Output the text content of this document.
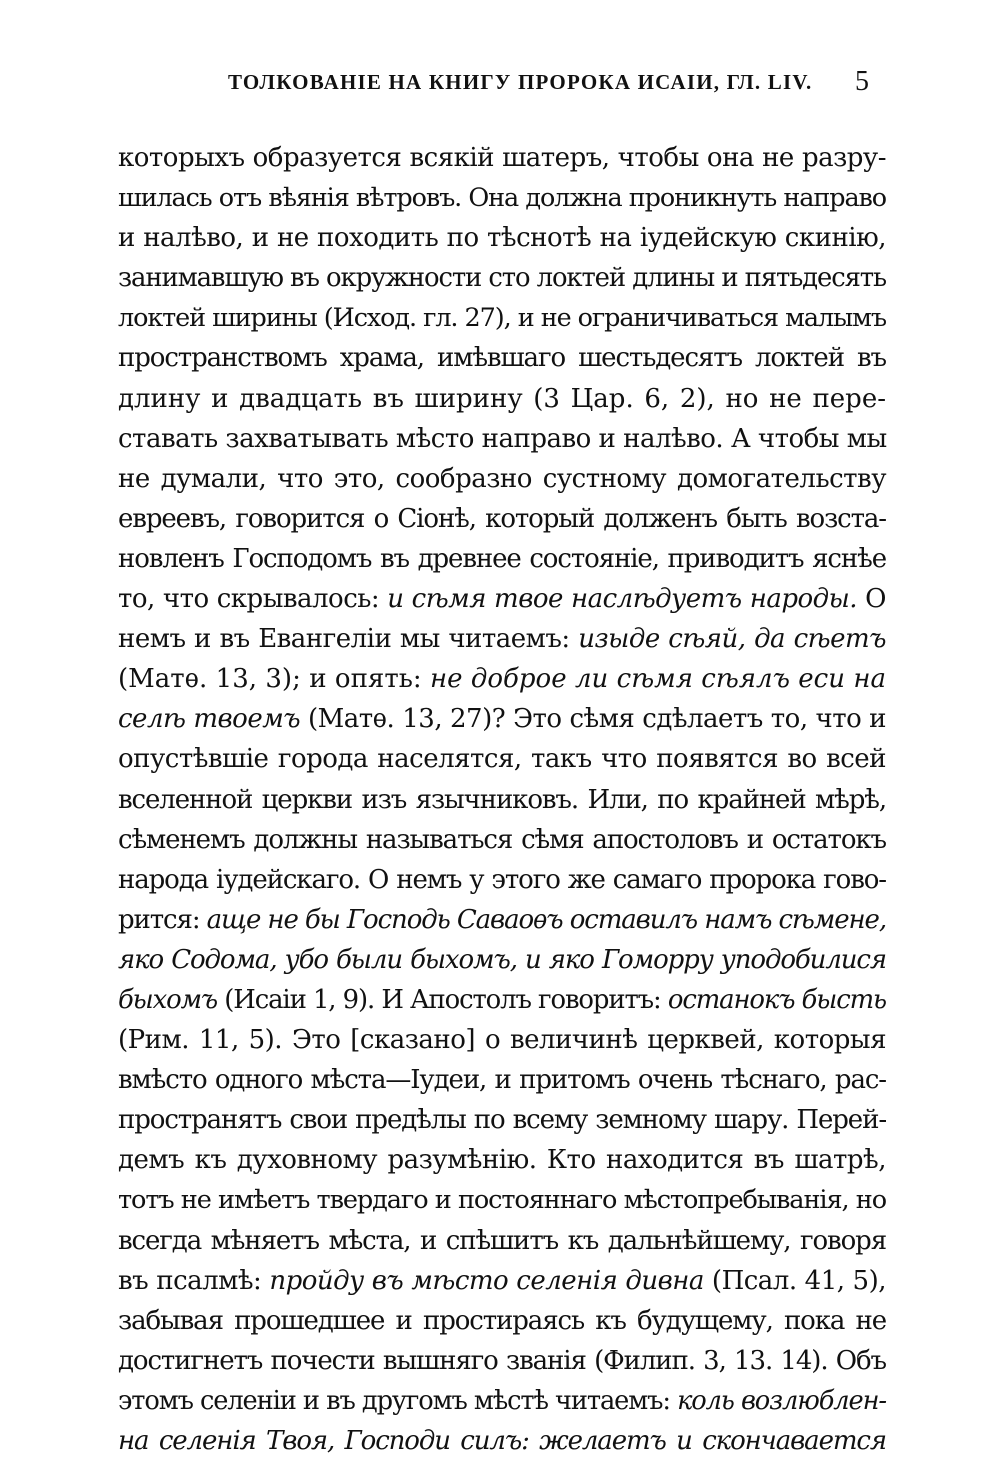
ТОЛКОВАНІЕ НА КНИГУ ПРОРОКА ИСАІИ, ГЛ. LIV. 5
которыхъ образуется всякій шатеръ, чтобы она не разру-
шилась отъ вѣянія вѣтровъ. Она должна проникнуть направо
и налѣво, и не походить по тѣснотѣ на іудейскую скинію,
занимавшую въ окружности сто локтей длины и пятьдесять
локтей ширины (Исход. гл. 27), и не ограничиваться малымъ
пространствомъ храма, имѣвшаго шестьдесятъ локтей въ
длину и двадцать въ ширину (3 Цар. 6, 2), но не пере-
ставать захватывать мѣсто направо и налѣво. А чтобы мы
не думали, что это, сообразно сустному домогательству
евреевъ, говорится о Сіонѣ, который долженъ быть возста-
новленъ Господомъ въ древнее состояніе, приводитъ яснѣе
то, что скрывалось: и сѣмя твое наслѣдуетъ народы. О
немъ и въ Евангеліи мы читаемъ: изыде сѣяй, да сѣетъ
(Матѳ. 13, 3); и опять: не доброе ли сѣмя сѣялъ еси на
селѣ твоемъ (Матѳ. 13, 27)? Это сѣмя сдѣлаетъ то, что и
опустѣвшіе города населятся, такъ что появятся во всей
вселенной церкви изъ язычниковъ. Или, по крайней мѣрѣ,
сѣменемъ должны называться сѣмя апостоловъ и остатокъ
народа іудейскаго. О немъ у этого же самаго пророка гово-
рится: аще не бы Господь Саваоѳъ оставилъ намъ сѣмене,
яко Содома, убо были быхомъ, и яко Гоморру уподобилися
быхомъ (Исаіи 1, 9). И Апостолъ говоритъ: останокъ бысть
(Рим. 11, 5). Это [сказано] о величинѣ церквей, которыя
вмѣсто одного мѣста—Іудеи, и притомъ очень тѣснаго, рас-
пространятъ свои предѣлы по всему земному шару. Перей-
демъ къ духовному разумѣнію. Кто находится въ шатрѣ,
тотъ не имѣетъ твердаго и постояннаго мѣстопребыванія, но
всегда мѣняетъ мѣста, и спѣшитъ къ дальнѣйшему, говоря
въ псалмѣ: пройду въ мѣсто селенія дивна (Псал. 41, 5),
забывая прошедшее и простираясь къ будущему, пока не
достигнетъ почести вышняго званія (Филип. 3, 13. 14). Объ
этомъ селеніи и въ другомъ мѣстѣ читаемъ: коль возлюблен-
на селенія Твоя, Господи силъ: желаетъ и скончавается
